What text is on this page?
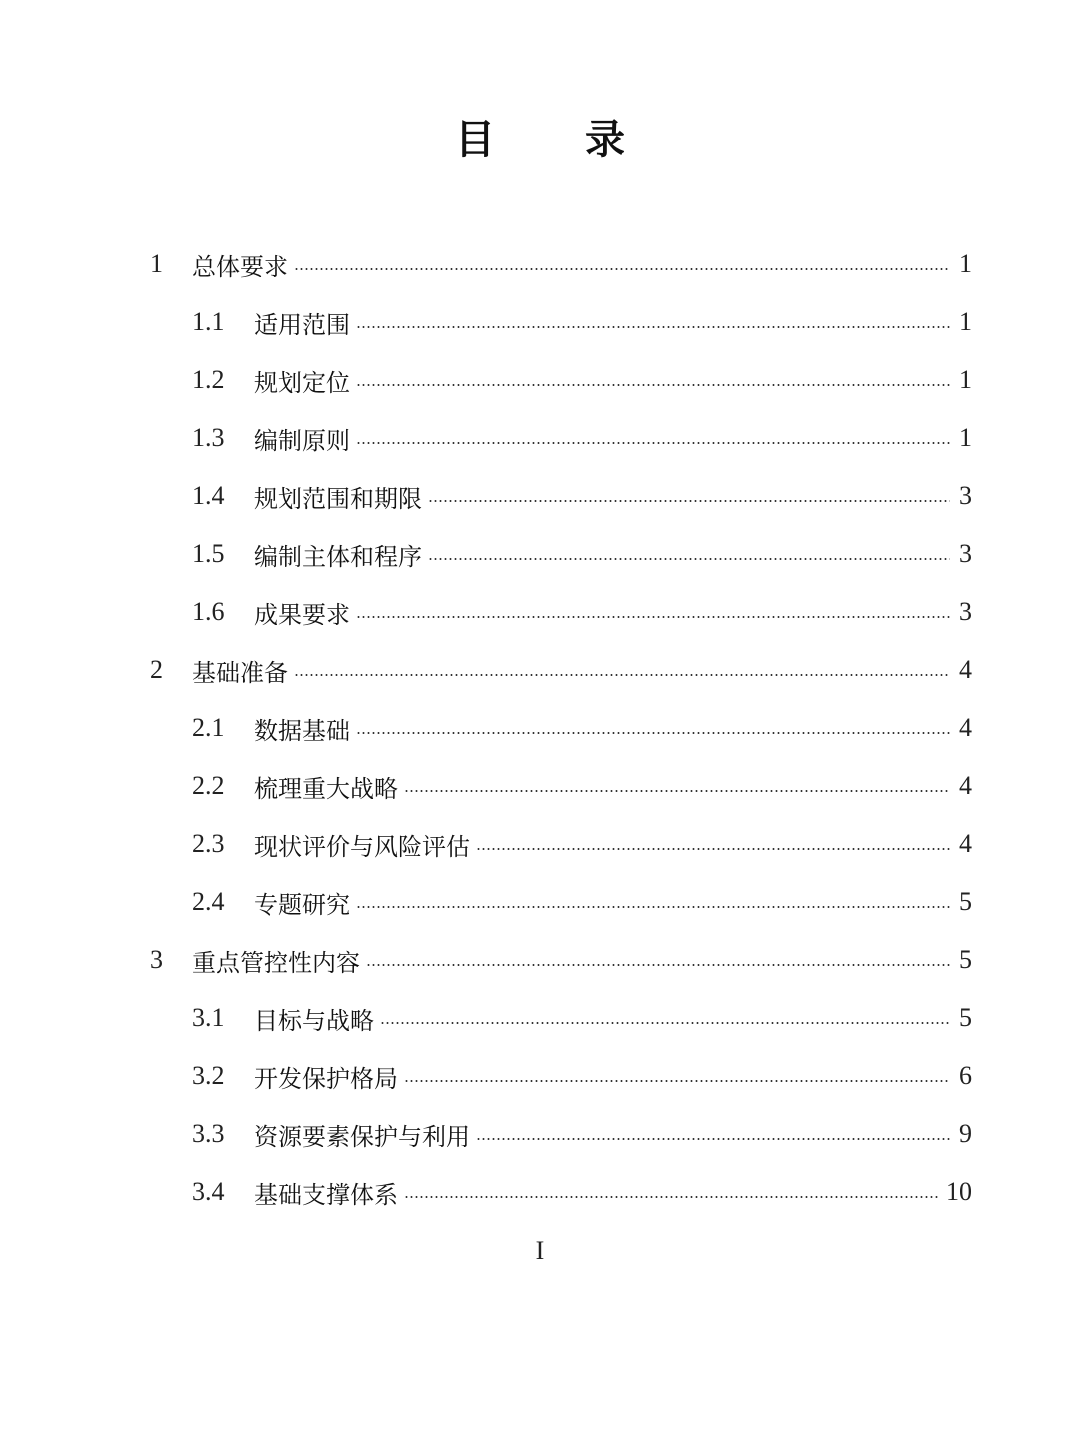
目 录
1	总体要求	1
1.1	适用范围	1
1.2	规划定位	1
1.3	编制原则	1
1.4	规划范围和期限	3
1.5	编制主体和程序	3
1.6	成果要求	3
2	基础准备	4
2.1	数据基础	4
2.2	梳理重大战略	4
2.3	现状评价与风险评估	4
2.4	专题研究	5
3	重点管控性内容	5
3.1	目标与战略	5
3.2	开发保护格局	6
3.3	资源要素保护与利用	9
3.4	基础支撑体系	10
I
